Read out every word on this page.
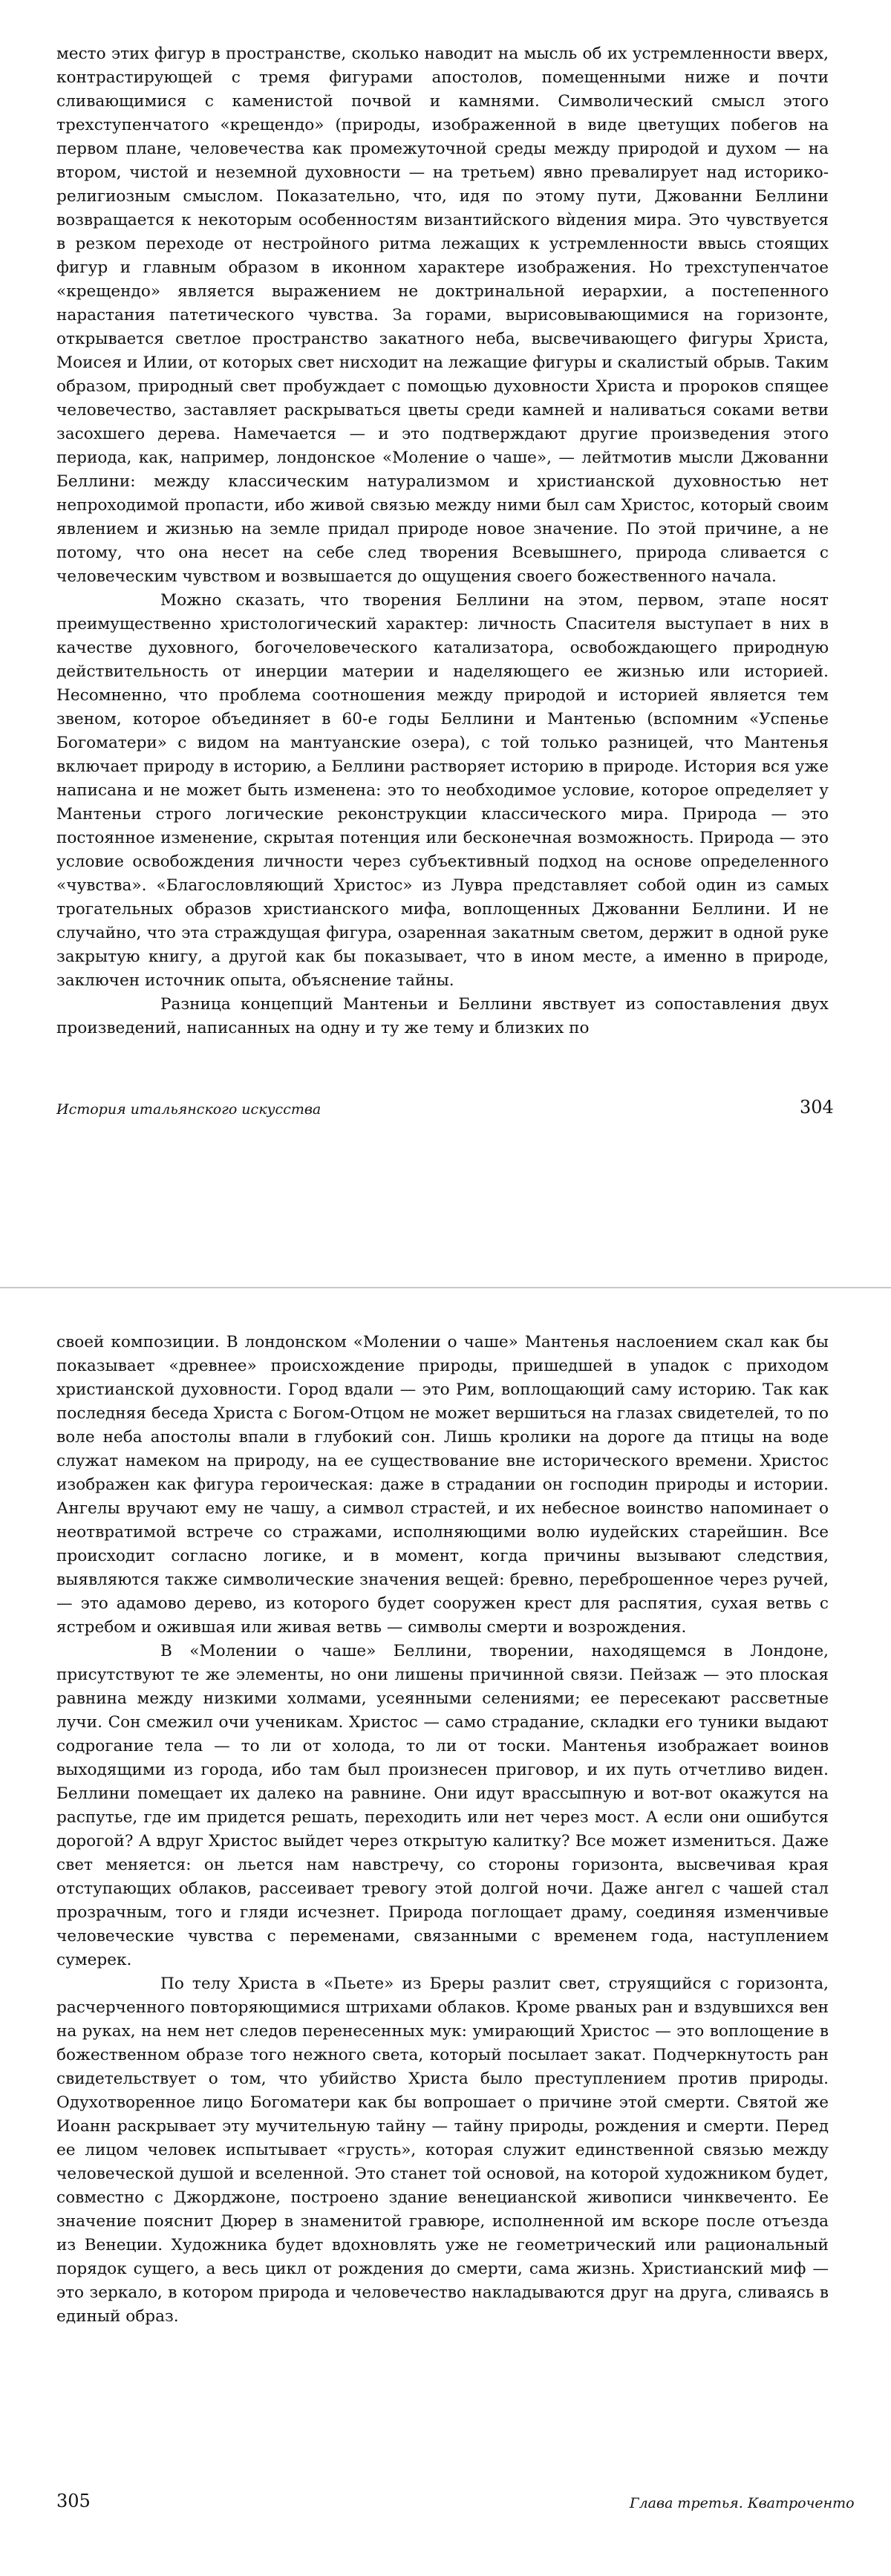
место этих фигур в пространстве, сколько наводит на мысль об их устремленности вверх, контрастирующей с тремя фигурами апостолов, помещенными ниже и почти сливающимися с каменистой почвой и камнями. Символический смысл этого трехступенчатого «крещендо» (природы, изображенной в виде цветущих побегов на первом плане, человечества как промежуточной среды между природой и духом — на втором, чистой и неземной духовности — на третьем) явно превалирует над историко-религиозным смыслом. Показательно, что, идя по этому пути, Джованни Беллини возвращается к некоторым особенностям византийского вѝдения мира. Это чувствуется в резком переходе от нестройного ритма лежащих к устремленности ввысь стоящих фигур и главным образом в иконном характере изображения. Но трехступенчатое «крещендо» является выражением не доктринальной иерархии, а постепенного нарастания патетического чувства. За горами, вырисовывающимися на горизонте, открывается светлое пространство закатного неба, высвечивающего фигуры Христа, Моисея и Илии, от которых свет нисходит на лежащие фигуры и скалистый обрыв. Таким образом, природный свет пробуждает с помощью духовности Христа и пророков спящее человечество, заставляет раскрываться цветы среди камней и наливаться соками ветви засохшего дерева. Намечается — и это подтверждают другие произведения этого периода, как, например, лондонское «Моление о чаше», — лейтмотив мысли Джованни Беллини: между классическим натурализмом и христианской духовностью нет непроходимой пропасти, ибо живой связью между ними был сам Христос, который своим явлением и жизнью на земле придал природе новое значение. По этой причине, а не потому, что она несет на себе след творения Всевышнего, природа сливается с человеческим чувством и возвышается до ощущения своего божественного начала.

Можно сказать, что творения Беллини на этом, первом, этапе носят преимущественно христологический характер: личность Спасителя выступает в них в качестве духовного, богочеловеческого катализатора, освобождающего природную действительность от инерции материи и наделяющего ее жизнью или историей. Несомненно, что проблема соотношения между природой и историей является тем звеном, которое объединяет в 60-е годы Беллини и Мантенью (вспомним «Успенье Богоматери» с видом на мантуанские озера), с той только разницей, что Мантенья включает природу в историю, а Беллини растворяет историю в природе. История вся уже написана и не может быть изменена: это то необходимое условие, которое определяет у Мантеньи строго логические реконструкции классического мира. Природа — это постоянное изменение, скрытая потенция или бесконечная возможность. Природа — это условие освобождения личности через субъективный подход на основе определенного «чувства». «Благословляющий Христос» из Лувра представляет собой один из самых трогательных образов христианского мифа, воплощенных Джованни Беллини. И не случайно, что эта страждущая фигура, озаренная закатным светом, держит в одной руке закрытую книгу, а другой как бы показывает, что в ином месте, а именно в природе, заключен источник опыта, объяснение тайны.

Разница концепций Мантеньи и Беллини явствует из сопоставления двух произведений, написанных на одну и ту же тему и близких по

История итальянского искусства	304

своей композиции. В лондонском «Молении о чаше» Мантенья наслоением скал как бы показывает «древнее» происхождение природы, пришедшей в упадок с приходом христианской духовности. Город вдали — это Рим, воплощающий саму историю. Так как последняя беседа Христа с Богом-Отцом не может вершиться на глазах свидетелей, то по воле неба апостолы впали в глубокий сон. Лишь кролики на дороге да птицы на воде служат намеком на природу, на ее существование вне исторического времени. Христос изображен как фигура героическая: даже в страдании он господин природы и истории. Ангелы вручают ему не чашу, а символ страстей, и их небесное воинство напоминает о неотвратимой встрече со стражами, исполняющими волю иудейских старейшин. Все происходит согласно логике, и в момент, когда причины вызывают следствия, выявляются также символические значения вещей: бревно, переброшенное через ручей, — это адамово дерево, из которого будет сооружен крест для распятия, сухая ветвь с ястребом и ожившая или живая ветвь — символы смерти и возрождения.

В «Молении о чаше» Беллини, творении, находящемся в Лондоне, присутствуют те же элементы, но они лишены причинной связи. Пейзаж — это плоская равнина между низкими холмами, усеянными селениями; ее пересекают рассветные лучи. Сон смежил очи ученикам. Христос — само страдание, складки его туники выдают содрогание тела — то ли от холода, то ли от тоски. Мантенья изображает воинов выходящими из города, ибо там был произнесен приговор, и их путь отчетливо виден. Беллини помещает их далеко на равнине. Они идут врассыпную и вот-вот окажутся на распутье, где им придется решать, переходить или нет через мост. А если они ошибутся дорогой? А вдруг Христос выйдет через открытую калитку? Все может измениться. Даже свет меняется: он льется нам навстречу, со стороны горизонта, высвечивая края отступающих облаков, рассеивает тревогу этой долгой ночи. Даже ангел с чашей стал прозрачным, того и гляди исчезнет. Природа поглощает драму, соединяя изменчивые человеческие чувства с переменами, связанными с временем года, наступлением сумерек.

По телу Христа в «Пьете» из Бреры разлит свет, струящийся с горизонта, расчерченного повторяющимися штрихами облаков. Кроме рваных ран и вздувшихся вен на руках, на нем нет следов перенесенных мук: умирающий Христос — это воплощение в божественном образе того нежного света, который посылает закат. Подчеркнутость ран свидетельствует о том, что убийство Христа было преступлением против природы. Одухотворенное лицо Богоматери как бы вопрошает о причине этой смерти. Святой же Иоанн раскрывает эту мучительную тайну — тайну природы, рождения и смерти. Перед ее лицом человек испытывает «грусть», которая служит единственной связью между человеческой душой и вселенной. Это станет той основой, на которой художником будет, совместно с Джорджоне, построено здание венецианской живописи чинквеченто. Ее значение пояснит Дюрер в знаменитой гравюре, исполненной им вскоре после отъезда из Венеции. Художника будет вдохновлять уже не геометрический или рациональный порядок сущего, а весь цикл от рождения до смерти, сама жизнь. Христианский миф — это зеркало, в котором природа и человечество накладываются друг на друга, сливаясь в единый образ.

305	Глава третья. Кватроченто
